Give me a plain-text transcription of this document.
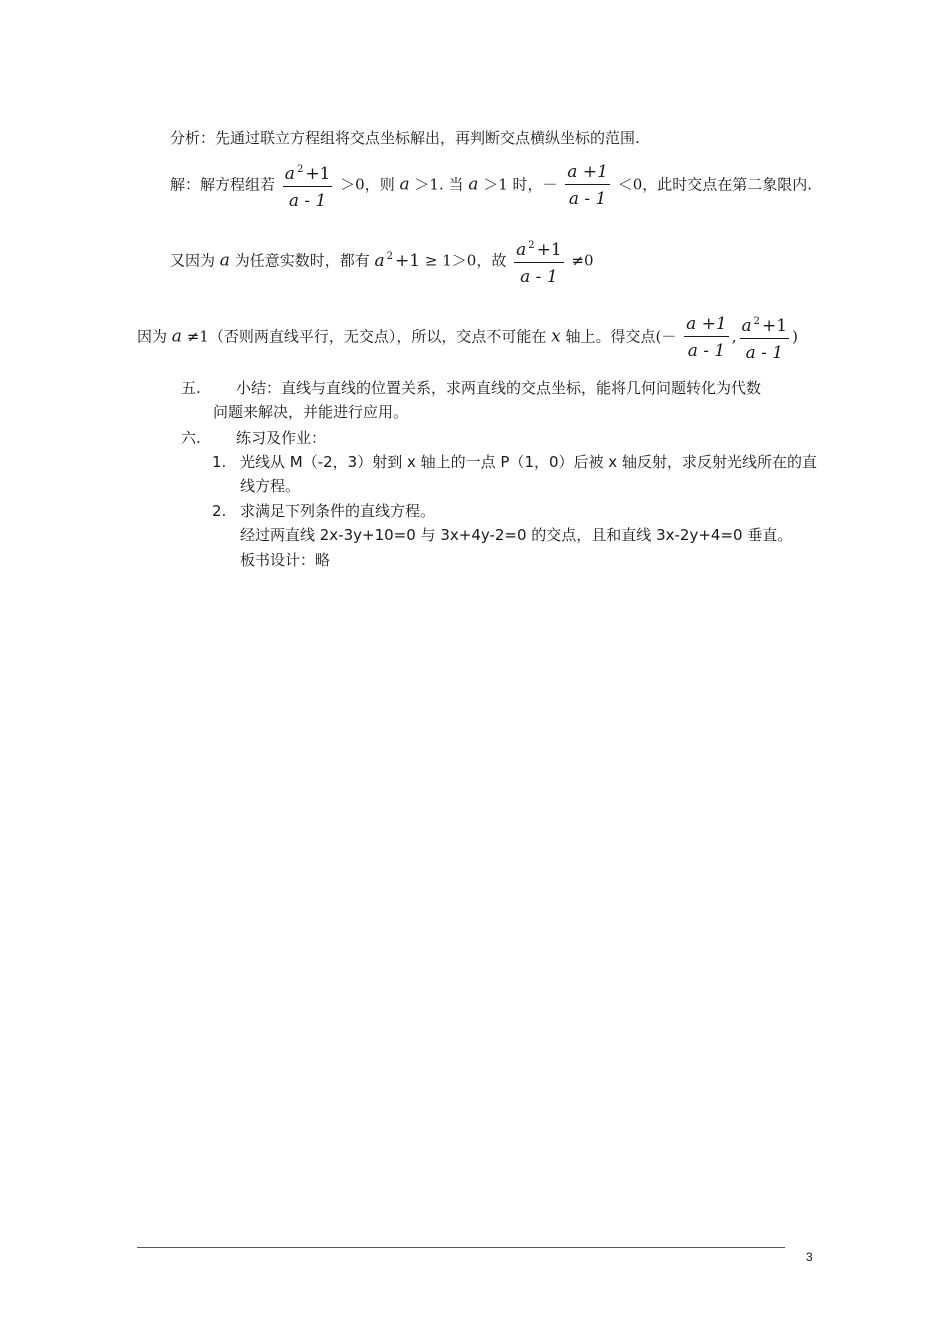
分析：先通过联立方程组将交点坐标解出，再判断交点横纵坐标的范围.
解：解方程组若 $\frac{a ^2 +1}{a - 1} >0$，则 a ＞1. 当 a ＞1 时，－ $\frac{a +1}{a - 1} <0$，此时交点在第二象限内.
又因为 a 为任意实数时，都有 a $^2$ +1 ≥ 1＞0，故 $\frac{a ^2 +1}{a - 1} \ne 0$
因为 a ≠1（否则两直线平行，无交点），所以，交点不可能在 x 轴上。得交点(－ $\frac{a +1}{a - 1}$ , $\frac{a ^2 +1}{a - 1}$ )
五. 小结：直线与直线的位置关系，求两直线的交点坐标，能将几何问题转化为代数
问题来解决，并能进行应用。
六. 练习及作业：
1. 光线从 M（-2，3）射到 x 轴上的一点 P（1，0）后被 x 轴反射，求反射光线所在的直
线方程。
2. 求满足下列条件的直线方程。
经过两直线 2x-3y+10=0 与 3x+4y-2=0 的交点，且和直线 3x-2y+4=0 垂直。
板书设计：略
3
